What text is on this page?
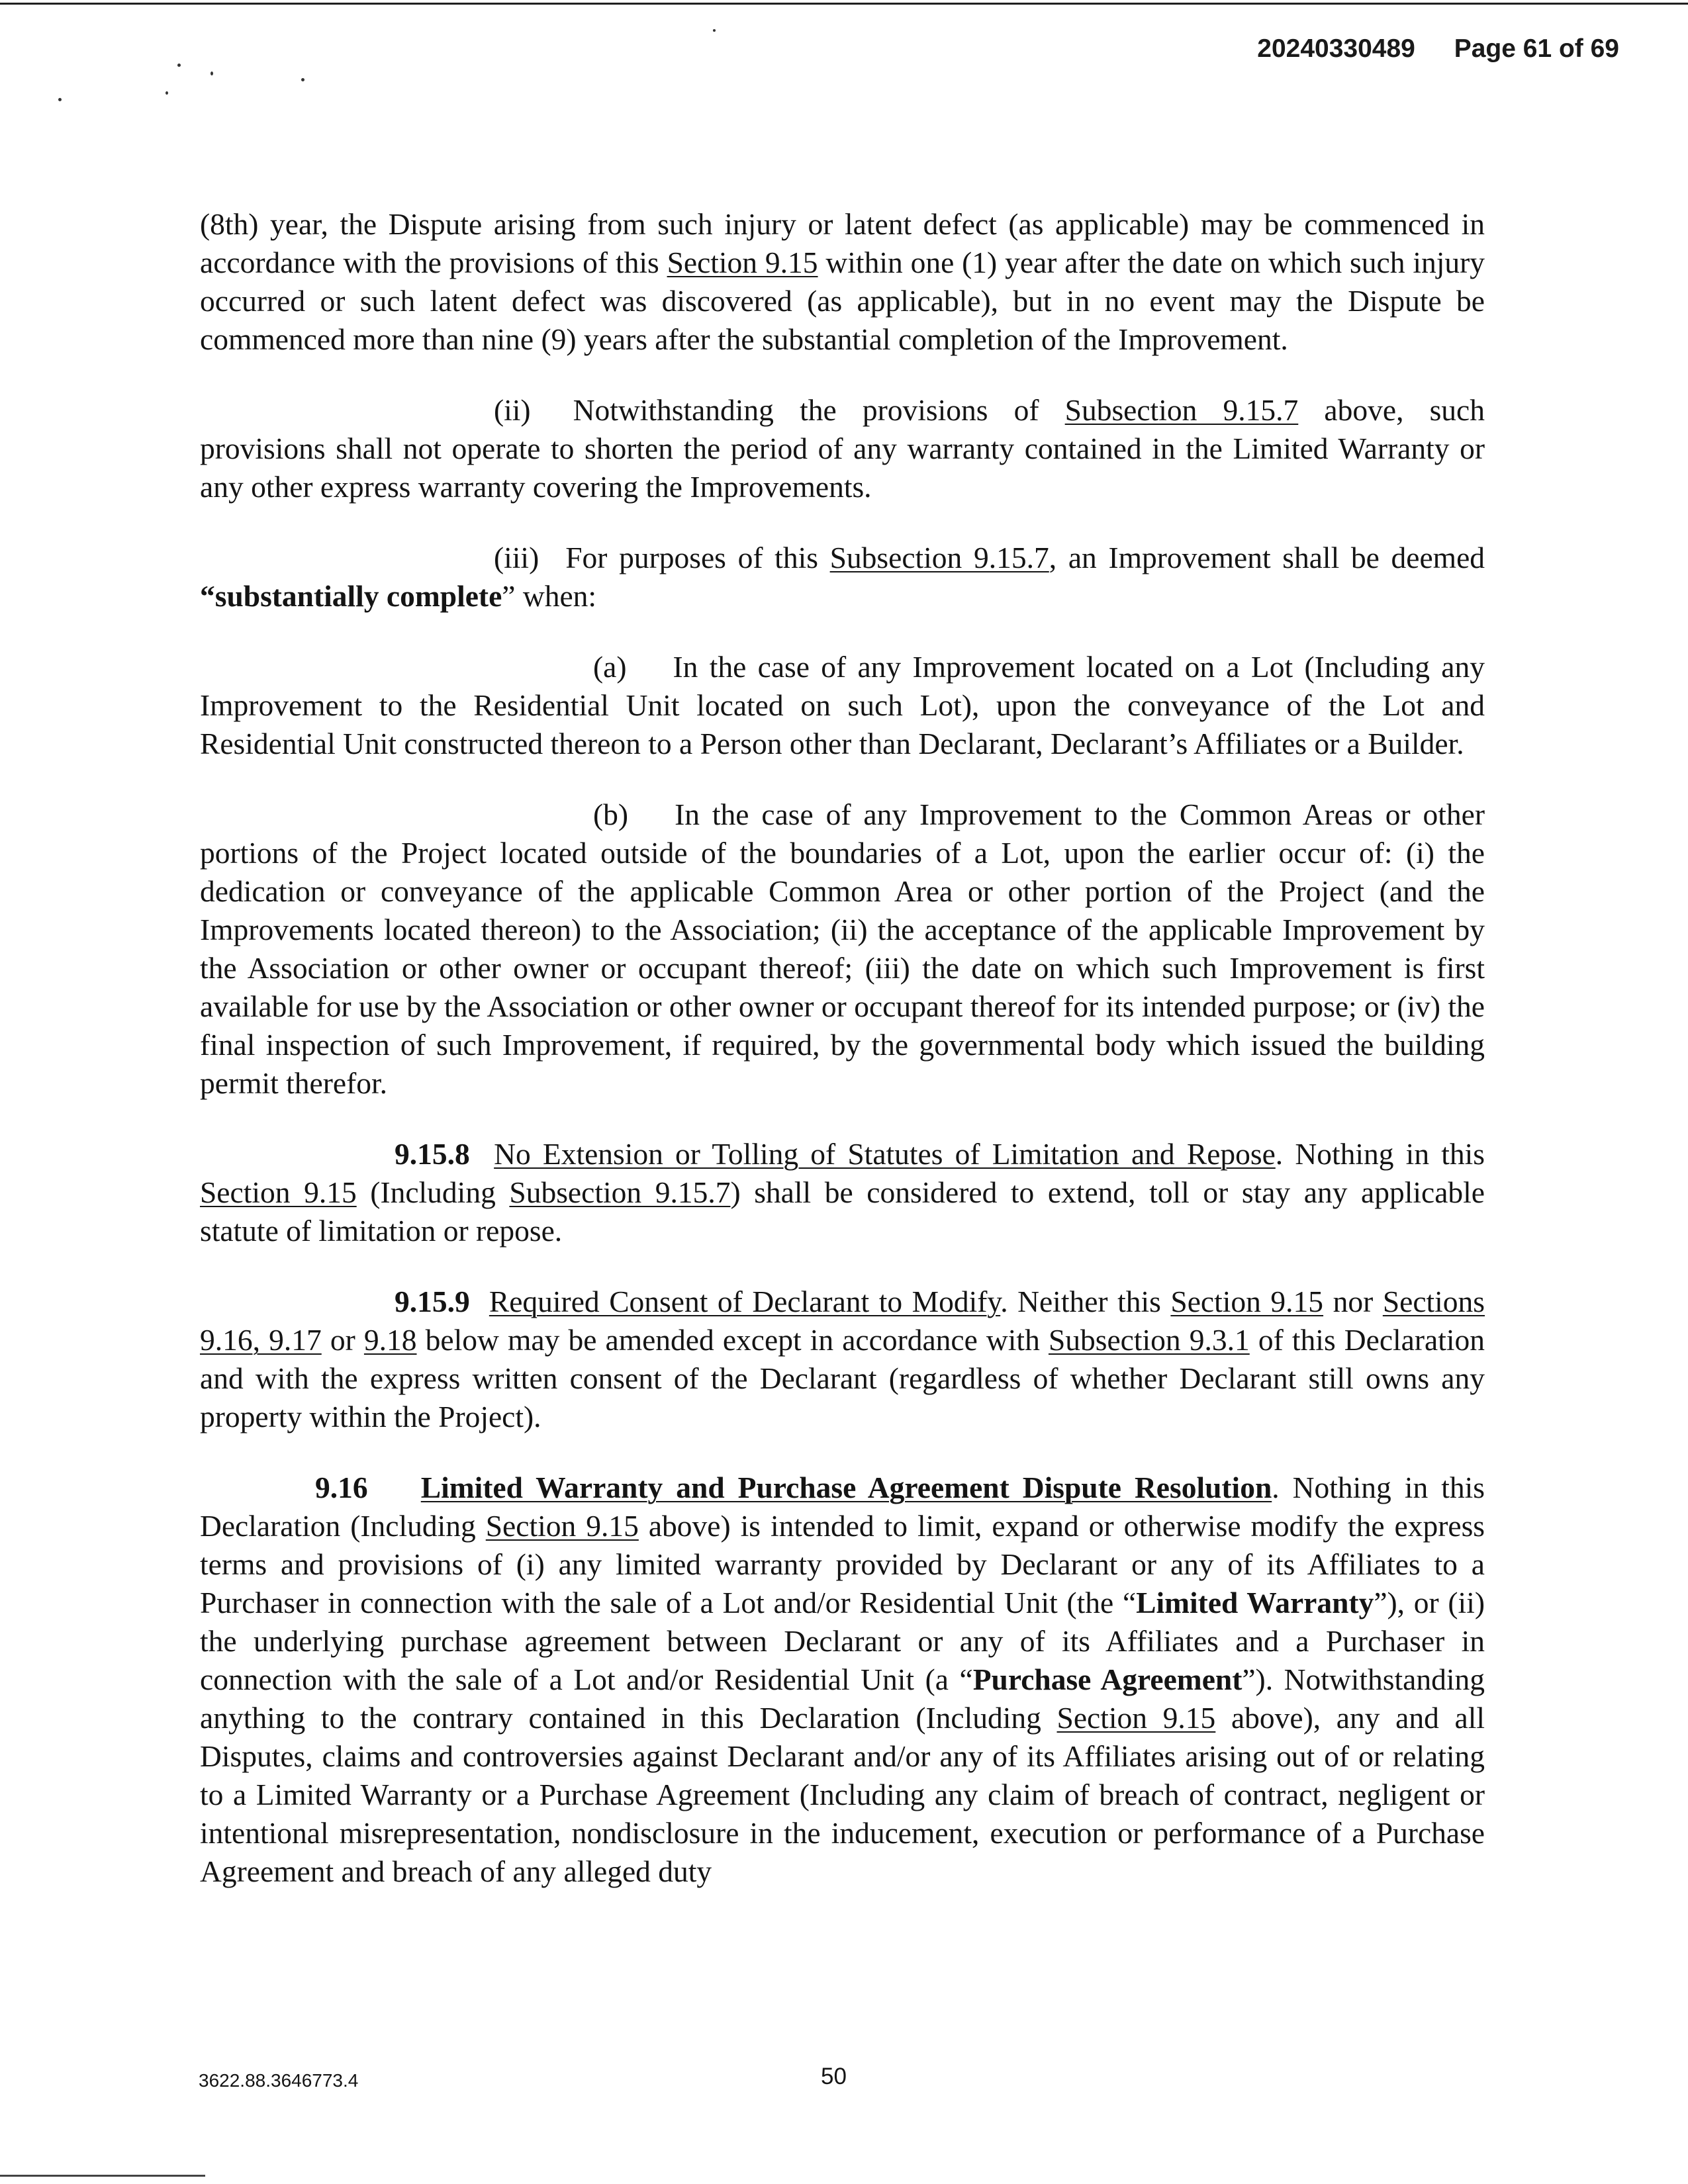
20240330489 Page 61 of 69

(8th) year, the Dispute arising from such injury or latent defect (as applicable) may be commenced in accordance with the provisions of this Section 9.15 within one (1) year after the date on which such injury occurred or such latent defect was discovered (as applicable), but in no event may the Dispute be commenced more than nine (9) years after the substantial completion of the Improvement.

(ii) Notwithstanding the provisions of Subsection 9.15.7 above, such provisions shall not operate to shorten the period of any warranty contained in the Limited Warranty or any other express warranty covering the Improvements.

(iii) For purposes of this Subsection 9.15.7, an Improvement shall be deemed “substantially complete” when:

(a) In the case of any Improvement located on a Lot (Including any Improvement to the Residential Unit located on such Lot), upon the conveyance of the Lot and Residential Unit constructed thereon to a Person other than Declarant, Declarant’s Affiliates or a Builder.

(b) In the case of any Improvement to the Common Areas or other portions of the Project located outside of the boundaries of a Lot, upon the earlier occur of: (i) the dedication or conveyance of the applicable Common Area or other portion of the Project (and the Improvements located thereon) to the Association; (ii) the acceptance of the applicable Improvement by the Association or other owner or occupant thereof; (iii) the date on which such Improvement is first available for use by the Association or other owner or occupant thereof for its intended purpose; or (iv) the final inspection of such Improvement, if required, by the governmental body which issued the building permit therefor.

9.15.8 No Extension or Tolling of Statutes of Limitation and Repose. Nothing in this Section 9.15 (Including Subsection 9.15.7) shall be considered to extend, toll or stay any applicable statute of limitation or repose.

9.15.9 Required Consent of Declarant to Modify. Neither this Section 9.15 nor Sections 9.16, 9.17 or 9.18 below may be amended except in accordance with Subsection 9.3.1 of this Declaration and with the express written consent of the Declarant (regardless of whether Declarant still owns any property within the Project).

9.16 Limited Warranty and Purchase Agreement Dispute Resolution. Nothing in this Declaration (Including Section 9.15 above) is intended to limit, expand or otherwise modify the express terms and provisions of (i) any limited warranty provided by Declarant or any of its Affiliates to a Purchaser in connection with the sale of a Lot and/or Residential Unit (the “Limited Warranty”), or (ii) the underlying purchase agreement between Declarant or any of its Affiliates and a Purchaser in connection with the sale of a Lot and/or Residential Unit (a “Purchase Agreement”). Notwithstanding anything to the contrary contained in this Declaration (Including Section 9.15 above), any and all Disputes, claims and controversies against Declarant and/or any of its Affiliates arising out of or relating to a Limited Warranty or a Purchase Agreement (Including any claim of breach of contract, negligent or intentional misrepresentation, nondisclosure in the inducement, execution or performance of a Purchase Agreement and breach of any alleged duty

3622.88.3646773.4	50
